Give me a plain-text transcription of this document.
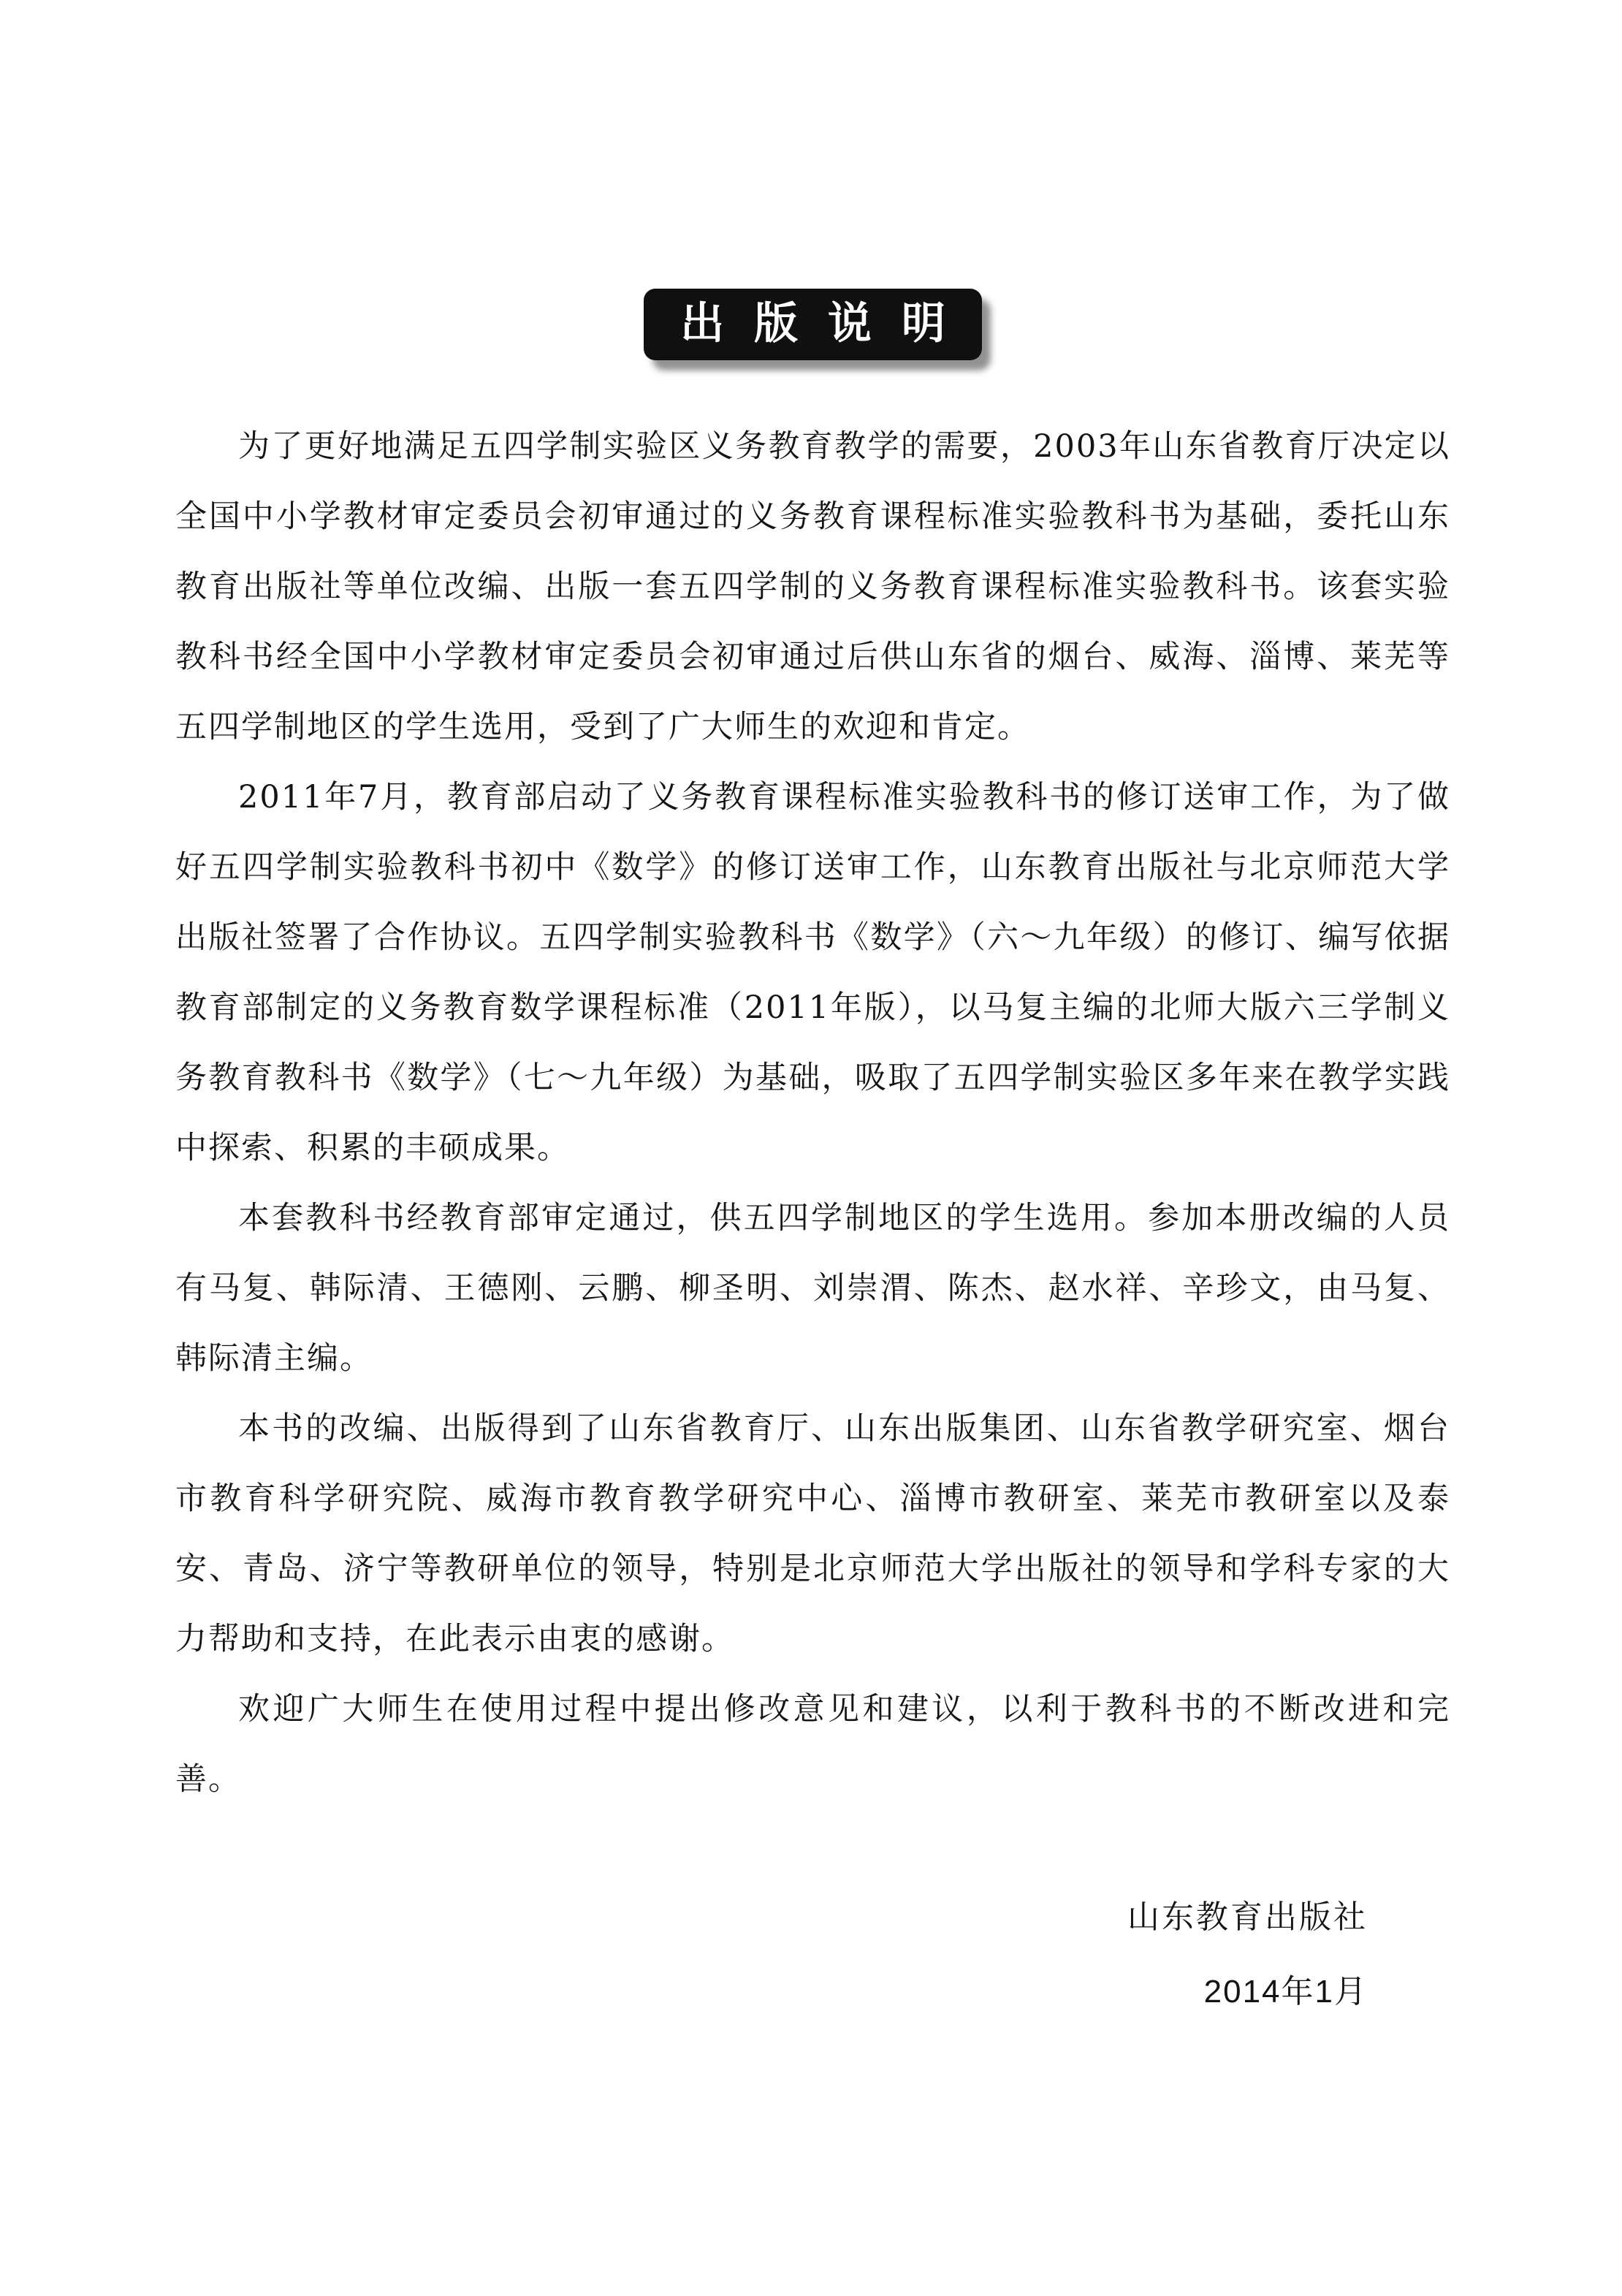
出 版 说 明

为了更好地满足五四学制实验区义务教育教学的需要，2003年山东省教育厅决定以全国中小学教材审定委员会初审通过的义务教育课程标准实验教科书为基础，委托山东教育出版社等单位改编、出版一套五四学制的义务教育课程标准实验教科书。该套实验教科书经全国中小学教材审定委员会初审通过后供山东省的烟台、威海、淄博、莱芜等五四学制地区的学生选用，受到了广大师生的欢迎和肯定。

2011年7月，教育部启动了义务教育课程标准实验教科书的修订送审工作，为了做好五四学制实验教科书初中《数学》的修订送审工作，山东教育出版社与北京师范大学出版社签署了合作协议。五四学制实验教科书《数学》（六～九年级）的修订、编写依据教育部制定的义务教育数学课程标准（2011年版），以马复主编的北师大版六三学制义务教育教科书《数学》（七～九年级）为基础，吸取了五四学制实验区多年来在教学实践中探索、积累的丰硕成果。

本套教科书经教育部审定通过，供五四学制地区的学生选用。参加本册改编的人员有马复、韩际清、王德刚、云鹏、柳圣明、刘崇渭、陈杰、赵水祥、辛珍文，由马复、韩际清主编。

本书的改编、出版得到了山东省教育厅、山东出版集团、山东省教学研究室、烟台市教育科学研究院、威海市教育教学研究中心、淄博市教研室、莱芜市教研室以及泰安、青岛、济宁等教研单位的领导，特别是北京师范大学出版社的领导和学科专家的大力帮助和支持，在此表示由衷的感谢。

欢迎广大师生在使用过程中提出修改意见和建议，以利于教科书的不断改进和完善。

山东教育出版社
2014年1月
